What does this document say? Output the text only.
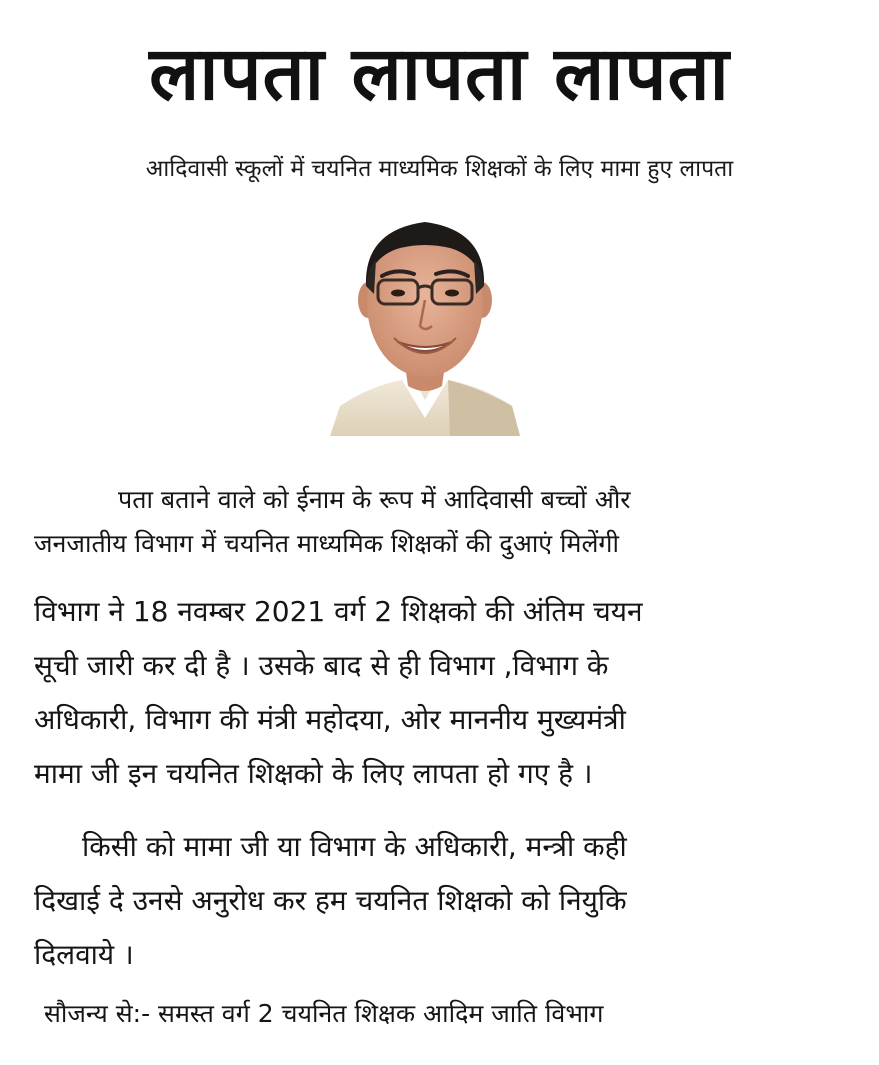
लापता लापता लापता
आदिवासी स्कूलों में चयनित माध्यमिक शिक्षकों के लिए मामा हुए लापता
पता बताने वाले को ईनाम के रूप में आदिवासी बच्चों और
जनजातीय विभाग में चयनित माध्यमिक शिक्षकों की दुआएं मिलेंगी
विभाग ने 18 नवम्बर 2021 वर्ग 2 शिक्षको की अंतिम चयन
सूची जारी कर दी है । उसके बाद से ही विभाग ,विभाग के
अधिकारी, विभाग की मंत्री महोदया, ओर माननीय मुख्यमंत्री
मामा जी इन चयनित शिक्षको के लिए लापता हो गए है ।
किसी को मामा जी या विभाग के अधिकारी, मन्त्री कही
दिखाई दे उनसे अनुरोध कर हम चयनित शिक्षको को नियुकि
दिलवाये ।
सौजन्य से:- समस्त वर्ग 2 चयनित शिक्षक आदिम जाति विभाग
